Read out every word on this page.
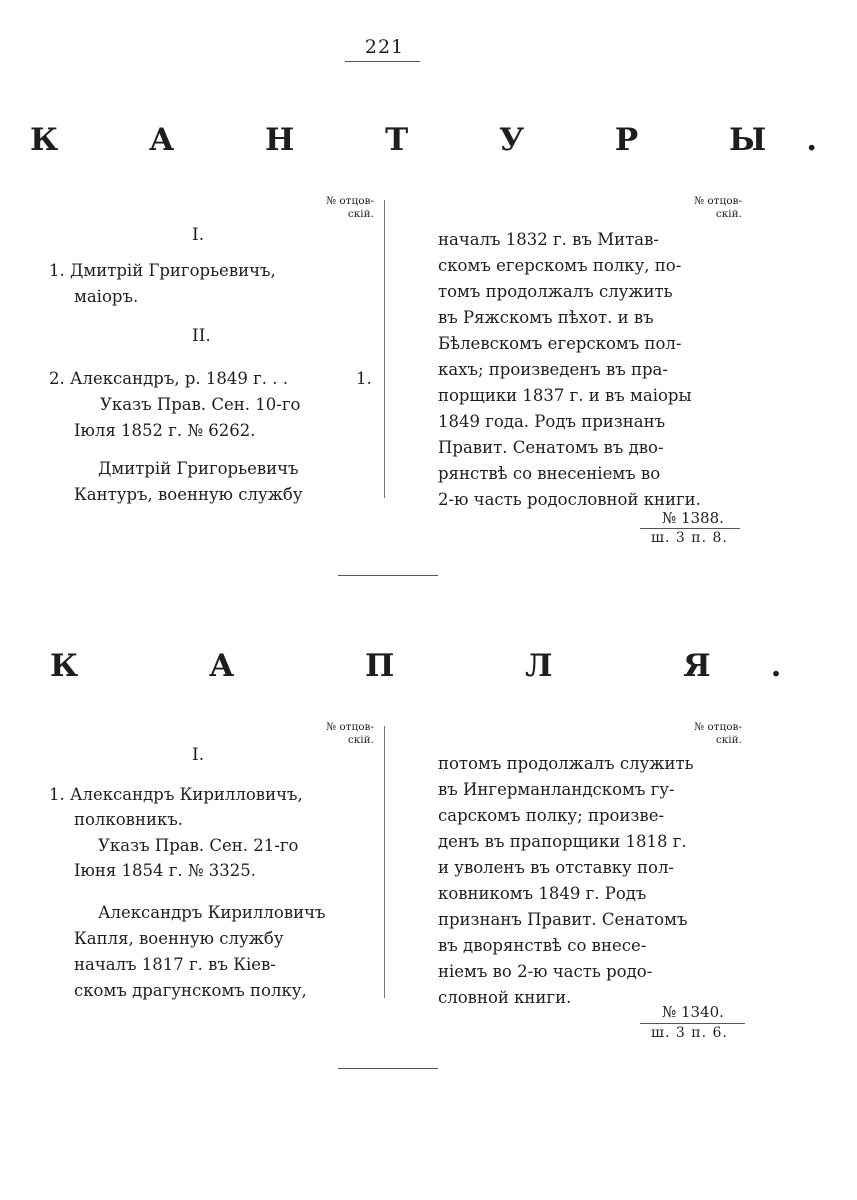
221
К А Н Т У Р Ы.
№ отцов-
скій.
№ отцов-
скій.
I.
1. Дмитрій Григорьевичъ,
маіоръ.
II.
2. Александръ, р. 1849 г. . .	1.
Указъ Прав. Сен. 10-го
Іюля 1852 г. № 6262.
Дмитрій Григорьевичъ
Кантуръ, военную службу
началъ 1832 г. въ Митав-
скомъ егерскомъ полку, по-
томъ продолжалъ служить
въ Ряжскомъ пѣхот. и въ
Бѣлевскомъ егерскомъ пол-
кахъ; произведенъ въ пра-
порщики 1837 г. и въ маіоры
1849 года. Родъ признанъ
Правит. Сенатомъ въ дво-
рянствѣ со внесеніемъ во
2-ю часть родословной книги.
№ 1388.
ш. 3 п. 8.
К А П Л Я.
№ отцов-
скій.
№ отцов-
скій.
I.
1. Александръ Кирилловичъ,
полковникъ.
Указъ Прав. Сен. 21-го
Іюня 1854 г. № 3325.
Александръ Кирилловичъ
Капля, военную службу
началъ 1817 г. въ Кіев-
скомъ драгунскомъ полку,
потомъ продолжалъ служить
въ Ингерманландскомъ гу-
сарскомъ полку; произве-
денъ въ прапорщики 1818 г.
и уволенъ въ отставку пол-
ковникомъ 1849 г. Родъ
признанъ Правит. Сенатомъ
въ дворянствѣ со внесе-
ніемъ во 2-ю часть родо-
словной книги.
№ 1340.
ш. 3 п. 6.
